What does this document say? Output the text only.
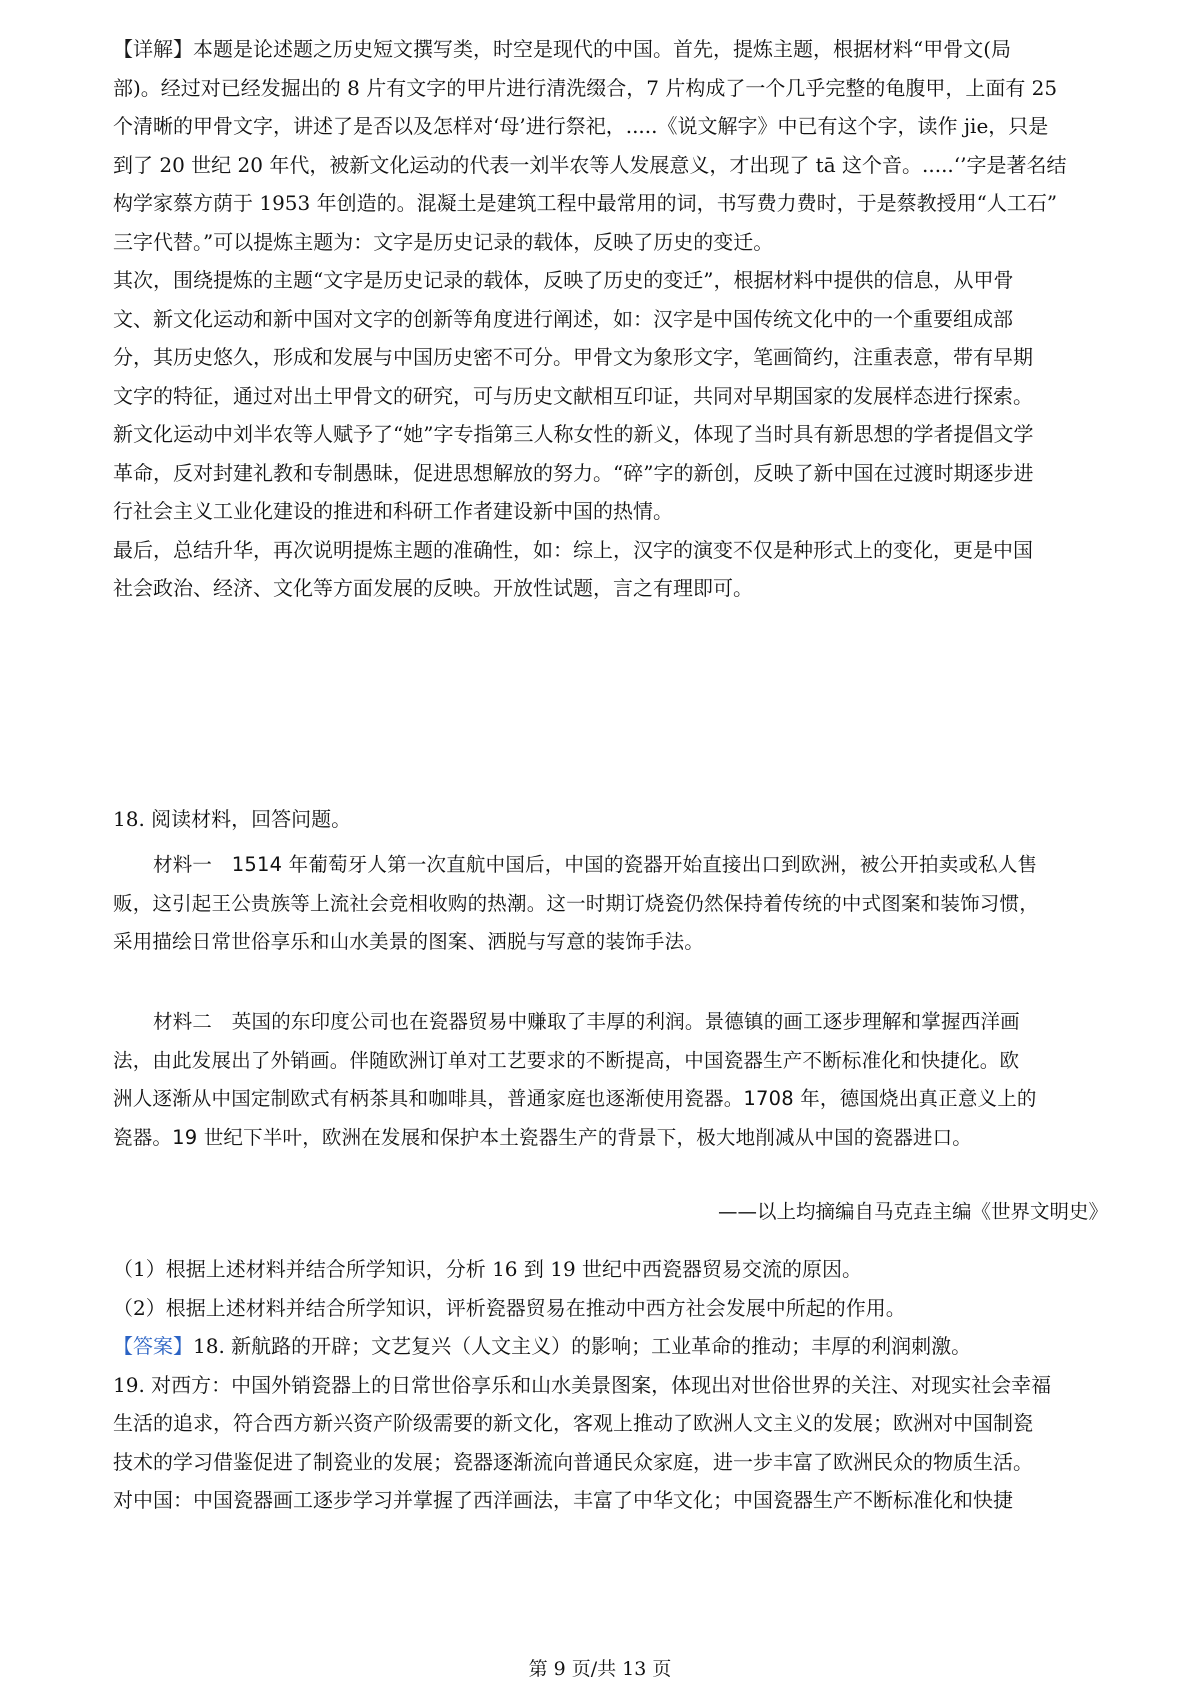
【详解】本题是论述题之历史短文撰写类，时空是现代的中国。首先，提炼主题，根据材料“甲骨文(局
部)。经过对已经发掘出的 8 片有文字的甲片进行清洗缀合，7 片构成了一个几乎完整的龟腹甲，上面有 25
个清晰的甲骨文字，讲述了是否以及怎样对‘母’进行祭祀，.....《说文解字》中已有这个字，读作 jie，只是
到了 20 世纪 20 年代，被新文化运动的代表一刘半农等人发展意义，才出现了 tā 这个音。.....‘’字是著名结
构学家蔡方荫于 1953 年创造的。混凝土是建筑工程中最常用的词，书写费力费时，于是蔡教授用“人工石”
三字代替。”可以提炼主题为：文字是历史记录的载体，反映了历史的变迁。
其次，围绕提炼的主题“文字是历史记录的载体，反映了历史的变迁”，根据材料中提供的信息，从甲骨
文、新文化运动和新中国对文字的创新等角度进行阐述，如：汉字是中国传统文化中的一个重要组成部
分，其历史悠久，形成和发展与中国历史密不可分。甲骨文为象形文字，笔画简约，注重表意，带有早期
文字的特征，通过对出土甲骨文的研究，可与历史文献相互印证，共同对早期国家的发展样态进行探索。
新文化运动中刘半农等人赋予了“她”字专指第三人称女性的新义，体现了当时具有新思想的学者提倡文学
革命，反对封建礼教和专制愚昧，促进思想解放的努力。“碎”字的新创，反映了新中国在过渡时期逐步进
行社会主义工业化建设的推进和科研工作者建设新中国的热情。
最后，总结升华，再次说明提炼主题的准确性，如：综上，汉字的演变不仅是种形式上的变化，更是中国
社会政治、经济、文化等方面发展的反映。开放性试题，言之有理即可。
18. 阅读材料，回答问题。
材料一　1514 年葡萄牙人第一次直航中国后，中国的瓷器开始直接出口到欧洲，被公开拍卖或私人售
贩，这引起王公贵族等上流社会竞相收购的热潮。这一时期订烧瓷仍然保持着传统的中式图案和装饰习惯，
采用描绘日常世俗享乐和山水美景的图案、洒脱与写意的装饰手法。
材料二　英国的东印度公司也在瓷器贸易中赚取了丰厚的利润。景德镇的画工逐步理解和掌握西洋画
法，由此发展出了外销画。伴随欧洲订单对工艺要求的不断提高，中国瓷器生产不断标准化和快捷化。欧
洲人逐渐从中国定制欧式有柄茶具和咖啡具，普通家庭也逐渐使用瓷器。1708 年，德国烧出真正意义上的
瓷器。19 世纪下半叶，欧洲在发展和保护本土瓷器生产的背景下，极大地削减从中国的瓷器进口。
——以上均摘编自马克垚主编《世界文明史》
（1）根据上述材料并结合所学知识，分析 16 到 19 世纪中西瓷器贸易交流的原因。
（2）根据上述材料并结合所学知识，评析瓷器贸易在推动中西方社会发展中所起的作用。
【答案】18. 新航路的开辟；文艺复兴（人文主义）的影响；工业革命的推动；丰厚的利润刺激。
19. 对西方：中国外销瓷器上的日常世俗享乐和山水美景图案，体现出对世俗世界的关注、对现实社会幸福
生活的追求，符合西方新兴资产阶级需要的新文化，客观上推动了欧洲人文主义的发展；欧洲对中国制瓷
技术的学习借鉴促进了制瓷业的发展；瓷器逐渐流向普通民众家庭，进一步丰富了欧洲民众的物质生活。
对中国：中国瓷器画工逐步学习并掌握了西洋画法，丰富了中华文化；中国瓷器生产不断标准化和快捷
第 9 页/共 13 页
